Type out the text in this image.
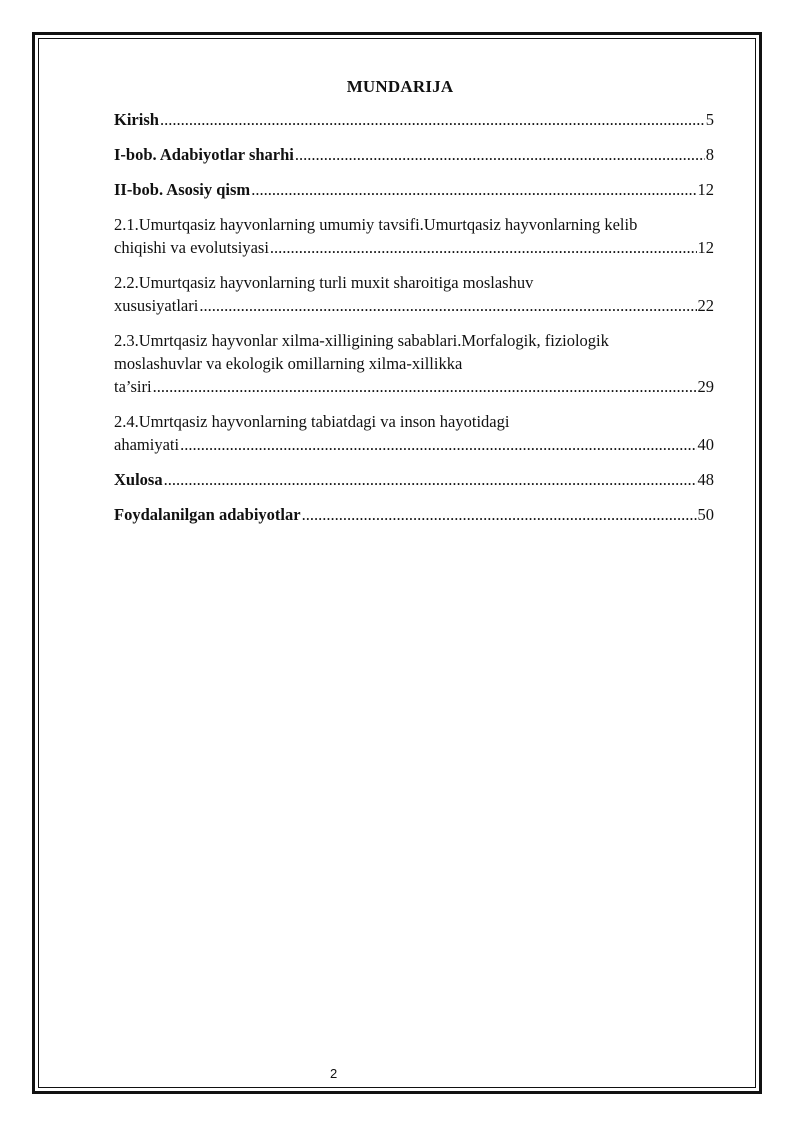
MUNDARIJA
Kirish .....	5
I-bob. Adabiyotlar sharhi .....	8
II-bob. Asosiy qism .....	12
2.1.Umurtqasiz hayvonlarning umumiy tavsifi.Umurtqasiz hayvonlarning kelib
chiqishi va evolutsiyasi .....	12
2.2.Umurtqasiz hayvonlarning turli muxit sharoitiga moslashuv
xususiyatlari .....	22
2.3.Umrtqasiz hayvonlar xilma-xilligining sabablari.Morfalogik, fiziologik
moslashuvlar va ekologik omillarning xilma-xillikka
ta’siri .....	29
2.4.Umrtqasiz hayvonlarning tabiatdagi va inson hayotidagi
ahamiyati .....	40
Xulosa .....	48
Foydalanilgan adabiyotlar .....	50
2
